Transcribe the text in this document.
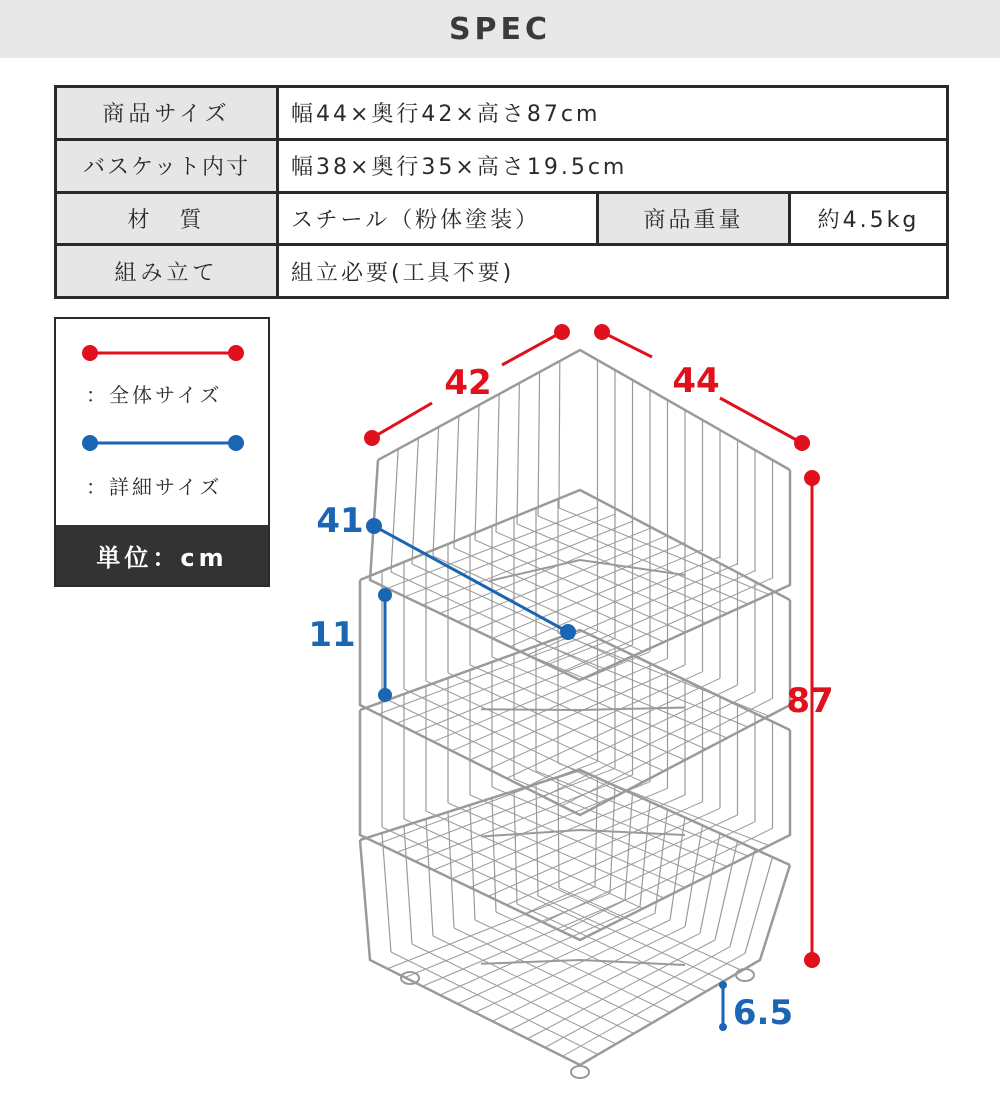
SPEC
商品サイズ	幅44×奥行42×高さ87cm		
バスケット内寸	幅38×奥行35×高さ19.5cm		
材　質	スチール（粉体塗装）	商品重量	約4.5kg
組み立て	組立必要(工具不要)		
：全体サイズ
：詳細サイズ
単位：cm
42	44
87
41
11
6.5
